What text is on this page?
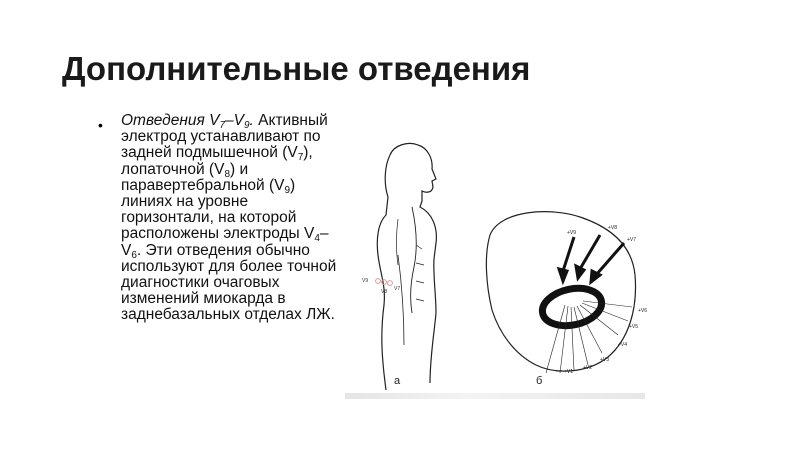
Дополнительные отведения
• Отведения $V_7-V_9$. Активный электрод устанавливают по задней подмышечной $(V_7)$, лопаточной $(V_8)$ и паравертебральной $(V_9)$ линиях на уровне горизонтали, на которой расположены электроды $V_4-V_6$. Эти отведения обычно используют для более точной диагностики очаговых изменений миокарда в заднебазальных отделах ЛЖ.
V9
V8 V7
+V9
+V8
+V7
+V6
+V5
+V4
+V3
+V2
+V1
а	б
